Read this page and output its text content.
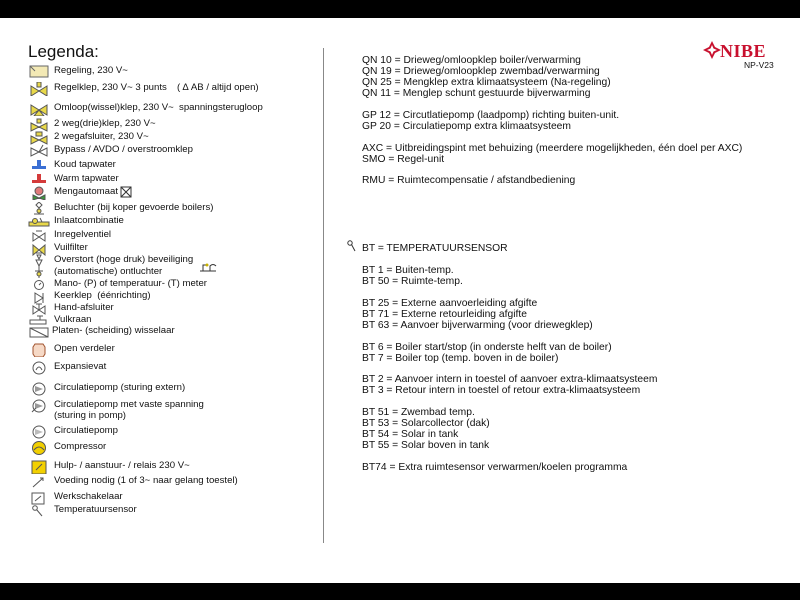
Legenda:
Regeling, 230 V~
Regelklep, 230 V~ 3 punts
Omloop(wissel)klep, 230 V~  spanningsterugloop
2 weg(drie)klep, 230 V~
2 wegafsluiter, 230 V~
Bypass / AVDO / overstroomklep
Koud tapwater
Warm tapwater
Mengautomaat
Beluchter (bij koper gevoerde boilers)
Inlaatcombinatie
Inregelventiel
Vuilfilter
Overstort (hoge druk) beveiliging
(automatische) ontluchter
Mano- (P) of temperatuur- (T) meter
Keerklep  (éénrichting)
Hand-afsluiter
Vulkraan
Platen- (scheiding) wisselaar
Open verdeler
Expansievat
Circulatiepomp (sturing extern)
Circulatiepomp met vaste spanning
(sturing in pomp)
Circulatiepomp
Compressor
Hulp- / aanstuur- / relais 230 V~
Voeding nodig (1 of 3~ naar gelang toestel)
Werkschakelaar
Temperatuursensor
( Δ AB / altijd open)
NIBE
NP-V23
QN 10 = Drieweg/omloopklep boiler/verwarming
QN 19 = Drieweg/omloopklep zwembad/verwarming
QN 25 = Mengklep extra klimaatsysteem (Na-regeling)
QN 11 = Menglep schunt gestuurde bijverwarming
GP 12 = Circutlatiepomp (laadpomp) richting buiten-unit.
GP 20 = Circulatiepomp extra klimaatsysteem
AXC = Uitbreidingspint met behuizing (meerdere mogelijkheden, één doel per AXC)
SMO = Regel-unit
RMU = Ruimtecompensatie / afstandbediening
BT = TEMPERATUURSENSOR
BT 1 = Buiten-temp.
BT 50 = Ruimte-temp.
BT 25 = Externe aanvoerleiding afgifte
BT 71 = Externe retourleiding afgifte
BT 63 = Aanvoer bijverwarming (voor driewegklep)
BT 6 = Boiler start/stop (in onderste helft van de boiler)
BT 7 = Boiler top (temp. boven in de boiler)
BT 2 = Aanvoer intern in toestel of aanvoer extra-klimaatsysteem
BT 3 = Retour intern in toestel of retour extra-klimaatsysteem
BT 51 = Zwembad temp.
BT 53 = Solarcollector (dak)
BT 54 = Solar in tank
BT 55 = Solar boven in tank
BT74 = Extra ruimtesensor verwarmen/koelen programma
